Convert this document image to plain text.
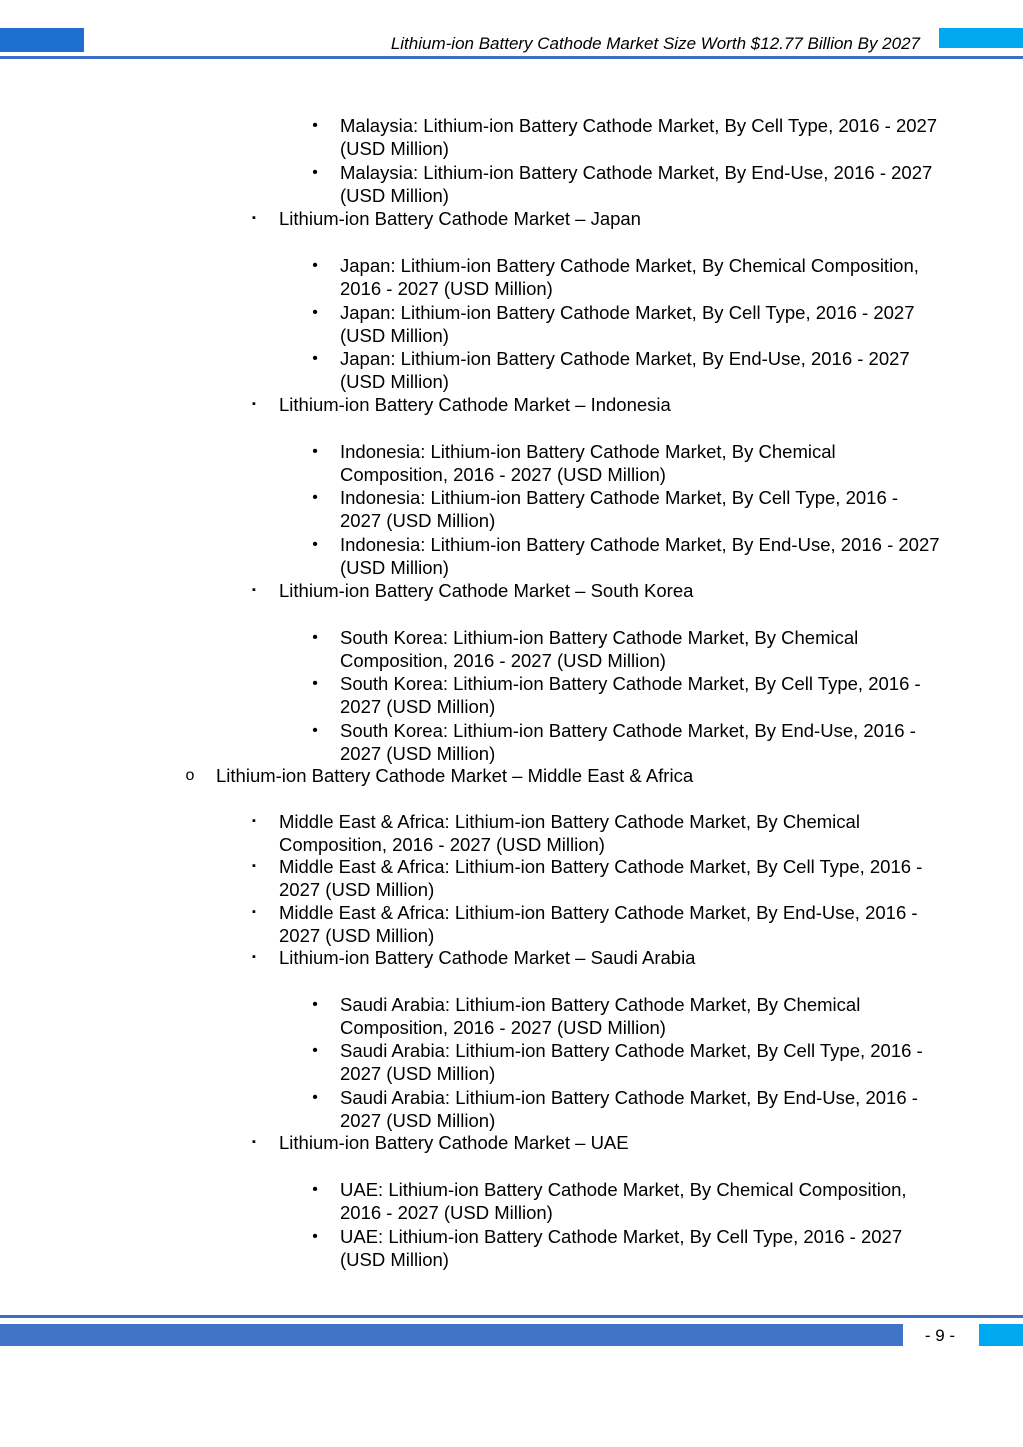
Lithium-ion Battery Cathode Market Size Worth $12.77 Billion By 2027
•	Malaysia: Lithium-ion Battery Cathode Market, By Cell Type, 2016 - 2027 (USD Million)
•	Malaysia: Lithium-ion Battery Cathode Market, By End-Use, 2016 - 2027 (USD Million)
▪	Lithium-ion Battery Cathode Market – Japan
•	Japan: Lithium-ion Battery Cathode Market, By Chemical Composition, 2016 - 2027 (USD Million)
•	Japan: Lithium-ion Battery Cathode Market, By Cell Type, 2016 - 2027 (USD Million)
•	Japan: Lithium-ion Battery Cathode Market, By End-Use, 2016 - 2027 (USD Million)
▪	Lithium-ion Battery Cathode Market – Indonesia
•	Indonesia: Lithium-ion Battery Cathode Market, By Chemical Composition, 2016 - 2027 (USD Million)
•	Indonesia: Lithium-ion Battery Cathode Market, By Cell Type, 2016 - 2027 (USD Million)
•	Indonesia: Lithium-ion Battery Cathode Market, By End-Use, 2016 - 2027 (USD Million)
▪	Lithium-ion Battery Cathode Market – South Korea
•	South Korea: Lithium-ion Battery Cathode Market, By Chemical Composition, 2016 - 2027 (USD Million)
•	South Korea: Lithium-ion Battery Cathode Market, By Cell Type, 2016 - 2027 (USD Million)
•	South Korea: Lithium-ion Battery Cathode Market, By End-Use, 2016 - 2027 (USD Million)
o Lithium-ion Battery Cathode Market – Middle East & Africa
▪	Middle East & Africa: Lithium-ion Battery Cathode Market, By Chemical Composition, 2016 - 2027 (USD Million)
▪	Middle East & Africa: Lithium-ion Battery Cathode Market, By Cell Type, 2016 - 2027 (USD Million)
▪	Middle East & Africa: Lithium-ion Battery Cathode Market, By End-Use, 2016 - 2027 (USD Million)
▪	Lithium-ion Battery Cathode Market – Saudi Arabia
•	Saudi Arabia: Lithium-ion Battery Cathode Market, By Chemical Composition, 2016 - 2027 (USD Million)
•	Saudi Arabia: Lithium-ion Battery Cathode Market, By Cell Type, 2016 - 2027 (USD Million)
•	Saudi Arabia: Lithium-ion Battery Cathode Market, By End-Use, 2016 - 2027 (USD Million)
▪	Lithium-ion Battery Cathode Market – UAE
•	UAE: Lithium-ion Battery Cathode Market, By Chemical Composition, 2016 - 2027 (USD Million)
•	UAE: Lithium-ion Battery Cathode Market, By Cell Type, 2016 - 2027 (USD Million)
- 9 -
